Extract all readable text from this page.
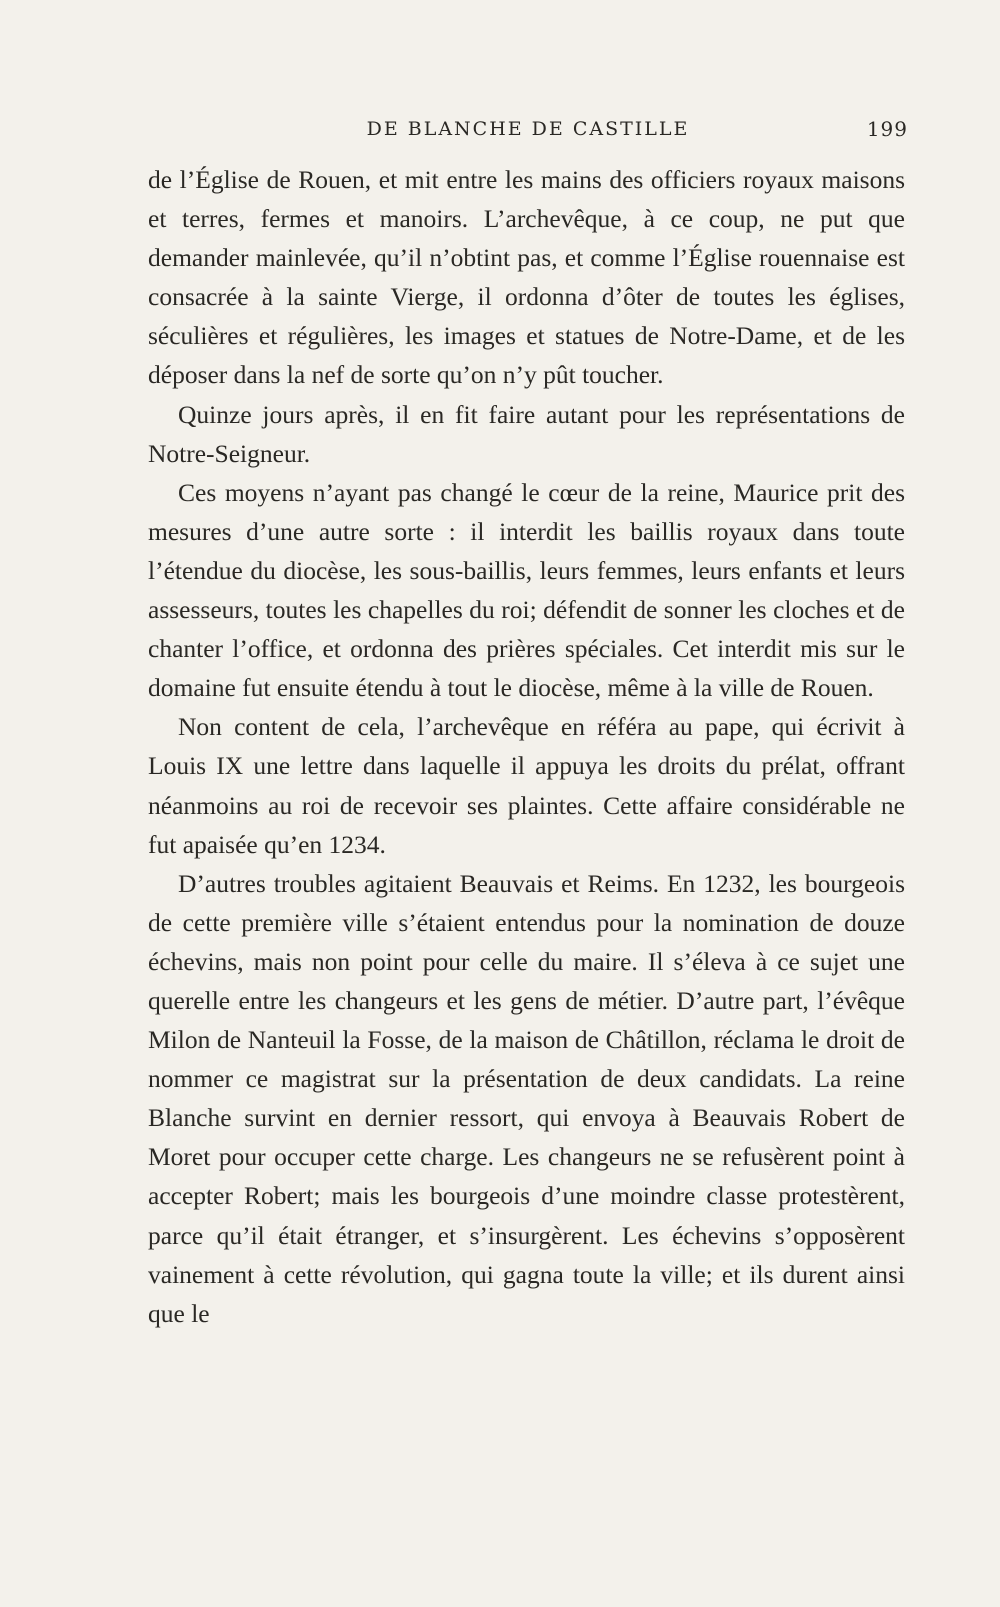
DE BLANCHE DE CASTILLE	199

de l’Église de Rouen, et mit entre les mains des officiers royaux maisons et terres, fermes et manoirs. L’archevêque, à ce coup, ne put que demander mainlevée, qu’il n’obtint pas, et comme l’Église rouennaise est consacrée à la sainte Vierge, il ordonna d’ôter de toutes les églises, séculières et régulières, les images et statues de Notre-Dame, et de les déposer dans la nef de sorte qu’on n’y pût toucher.

Quinze jours après, il en fit faire autant pour les représentations de Notre-Seigneur.

Ces moyens n’ayant pas changé le cœur de la reine, Maurice prit des mesures d’une autre sorte : il interdit les baillis royaux dans toute l’étendue du diocèse, les sous-baillis, leurs femmes, leurs enfants et leurs assesseurs, toutes les chapelles du roi; défendit de sonner les cloches et de chanter l’office, et ordonna des prières spéciales. Cet interdit mis sur le domaine fut ensuite étendu à tout le diocèse, même à la ville de Rouen.

Non content de cela, l’archevêque en référa au pape, qui écrivit à Louis IX une lettre dans laquelle il appuya les droits du prélat, offrant néanmoins au roi de recevoir ses plaintes. Cette affaire considérable ne fut apaisée qu’en 1234.

D’autres troubles agitaient Beauvais et Reims. En 1232, les bourgeois de cette première ville s’étaient entendus pour la nomination de douze échevins, mais non point pour celle du maire. Il s’éleva à ce sujet une querelle entre les changeurs et les gens de métier. D’autre part, l’évêque Milon de Nanteuil la Fosse, de la maison de Châtillon, réclama le droit de nommer ce magistrat sur la présentation de deux candidats. La reine Blanche survint en dernier ressort, qui envoya à Beauvais Robert de Moret pour occuper cette charge. Les changeurs ne se refusèrent point à accepter Robert; mais les bourgeois d’une moindre classe protestèrent, parce qu’il était étranger, et s’insurgèrent. Les échevins s’opposèrent vainement à cette révolution, qui gagna toute la ville; et ils durent ainsi que le
